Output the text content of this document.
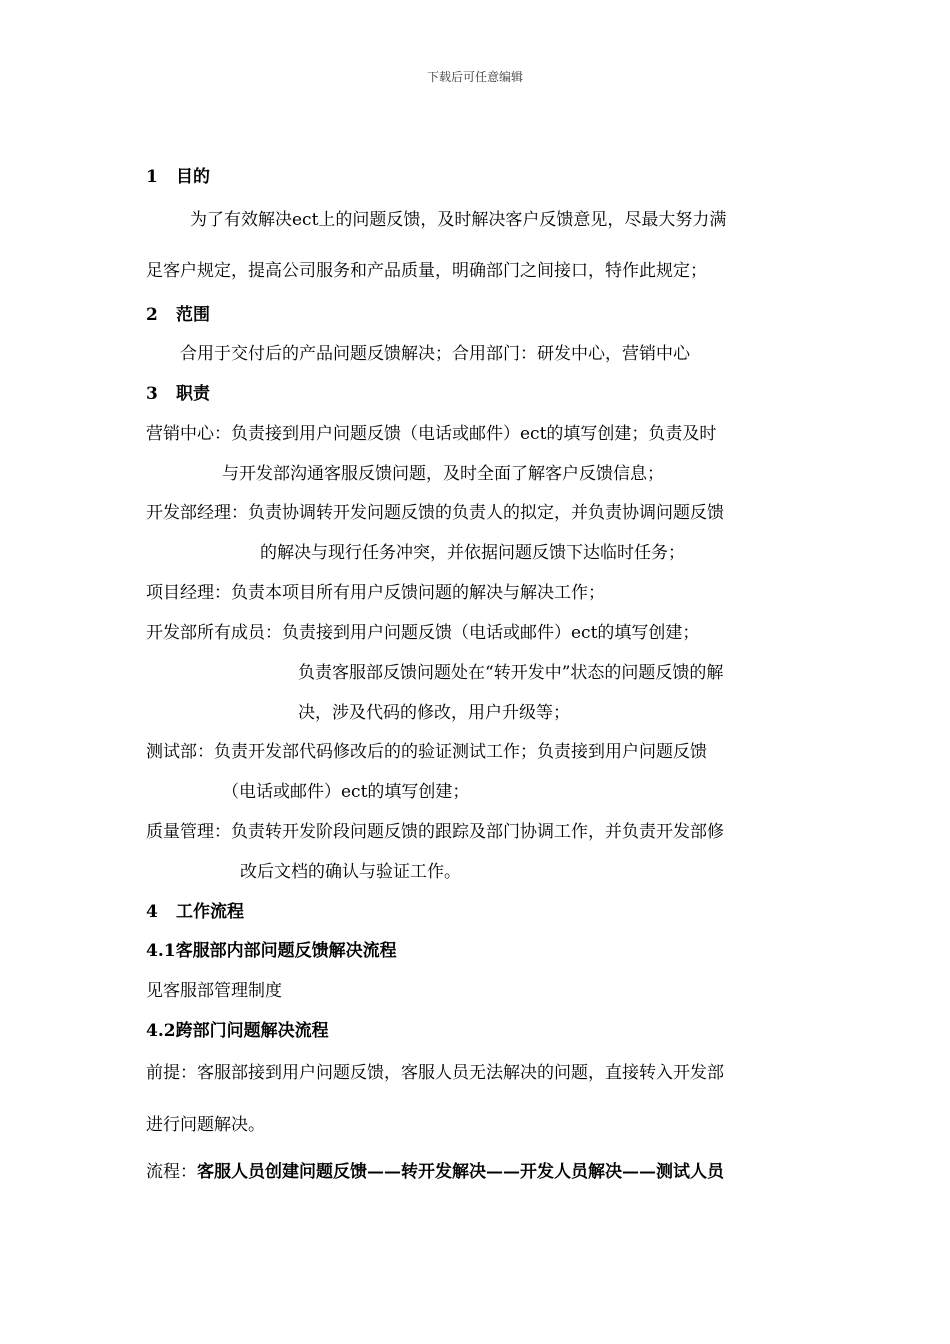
下载后可任意编辑
1 目的
为了有效解决ect上的问题反馈，及时解决客户反馈意见，尽最大努力满
足客户规定，提高公司服务和产品质量，明确部门之间接口，特作此规定；
2 范围
合用于交付后的产品问题反馈解决；合用部门：研发中心，营销中心
3 职责
营销中心：负责接到用户问题反馈（电话或邮件）ect的填写创建；负责及时
与开发部沟通客服反馈问题，及时全面了解客户反馈信息；
开发部经理：负责协调转开发问题反馈的负责人的拟定，并负责协调问题反馈
的解决与现行任务冲突，并依据问题反馈下达临时任务；
项目经理：负责本项目所有用户反馈问题的解决与解决工作；
开发部所有成员：负责接到用户问题反馈（电话或邮件）ect的填写创建；
负责客服部反馈问题处在“转开发中”状态的问题反馈的解
决，涉及代码的修改，用户升级等；
测试部：负责开发部代码修改后的的验证测试工作；负责接到用户问题反馈
（电话或邮件）ect的填写创建；
质量管理：负责转开发阶段问题反馈的跟踪及部门协调工作，并负责开发部修
改后文档的确认与验证工作。
4 工作流程
4.1客服部内部问题反馈解决流程
见客服部管理制度
4.2跨部门问题解决流程
前提：客服部接到用户问题反馈，客服人员无法解决的问题，直接转入开发部
进行问题解决。
流程：客服人员创建问题反馈——转开发解决——开发人员解决——测试人员
